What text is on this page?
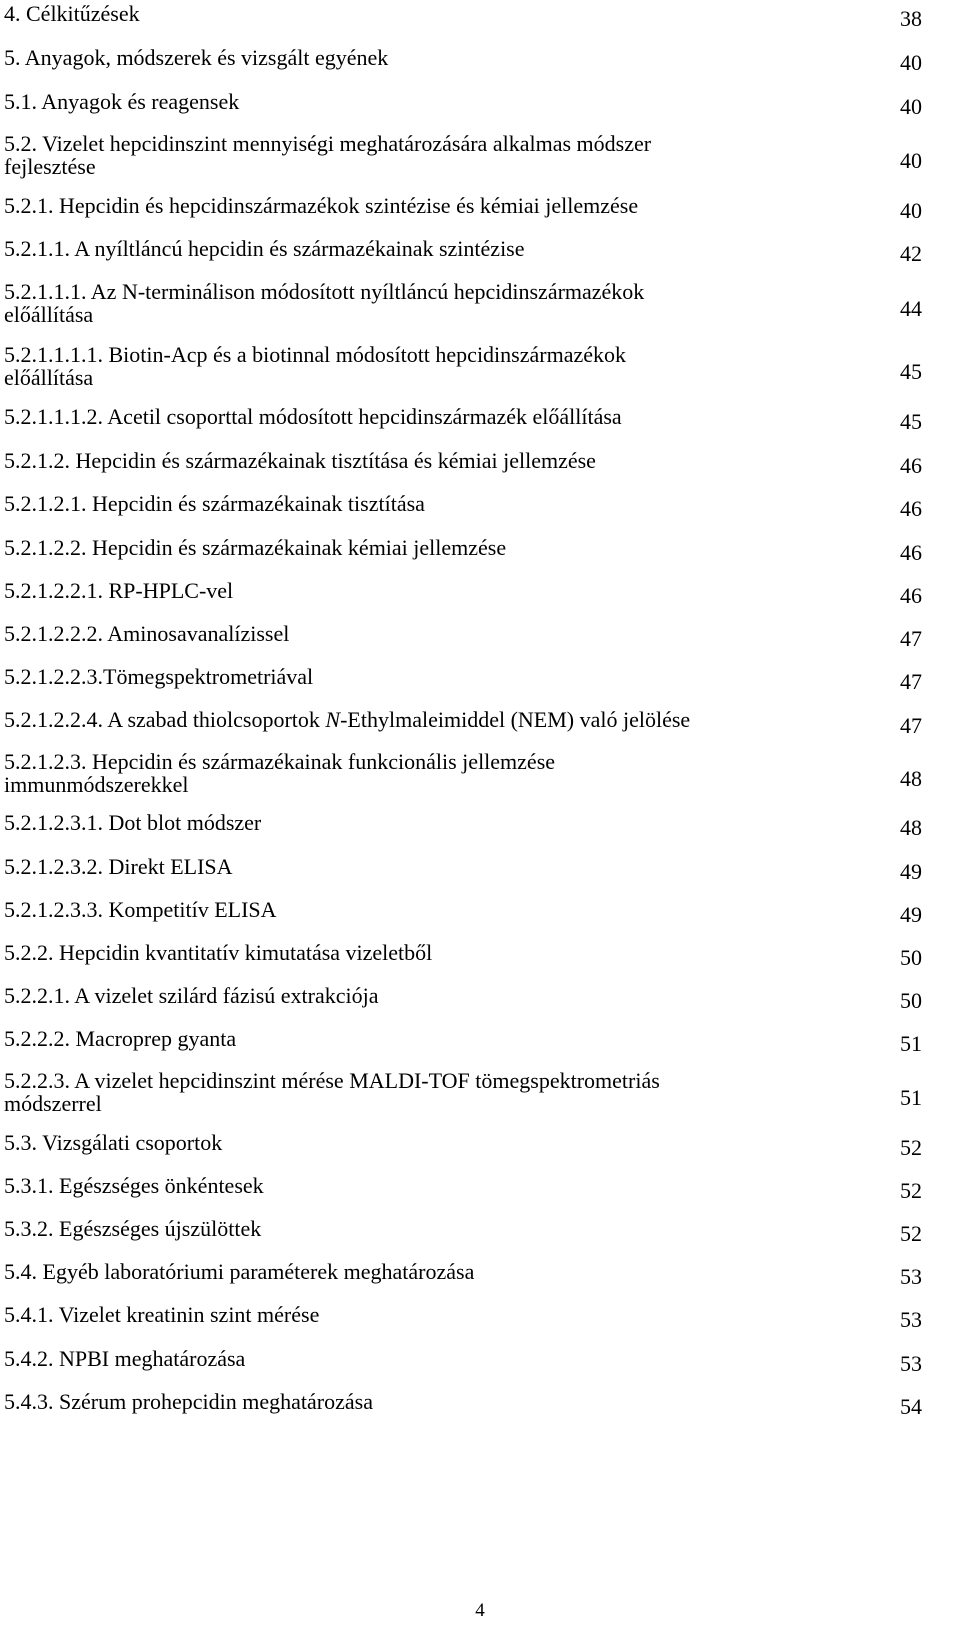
4. Célkitűzések	38
5. Anyagok, módszerek és vizsgált egyének	40
5.1. Anyagok és reagensek	40
5.2. Vizelet hepcidinszint mennyiségi meghatározására alkalmas módszer
fejlesztése	40
5.2.1. Hepcidin és hepcidinszármazékok szintézise és kémiai jellemzése	40
5.2.1.1. A nyíltláncú hepcidin és származékainak szintézise	42
5.2.1.1.1. Az N-terminálison módosított nyíltláncú hepcidinszármazékok
előállítása	44
5.2.1.1.1.1. Biotin-Acp és a biotinnal módosított hepcidinszármazékok
előállítása	45
5.2.1.1.1.2. Acetil csoporttal módosított hepcidinszármazék előállítása	45
5.2.1.2. Hepcidin és származékainak tisztítása és kémiai jellemzése	46
5.2.1.2.1. Hepcidin és származékainak tisztítása	46
5.2.1.2.2. Hepcidin és származékainak kémiai jellemzése	46
5.2.1.2.2.1. RP-HPLC-vel	46
5.2.1.2.2.2. Aminosavanalízissel	47
5.2.1.2.2.3.Tömegspektrometriával	47
5.2.1.2.2.4. A szabad thiolcsoportok N-Ethylmaleimiddel (NEM) való jelölése	47
5.2.1.2.3. Hepcidin és származékainak funkcionális jellemzése
immunmódszerekkel	48
5.2.1.2.3.1. Dot blot módszer	48
5.2.1.2.3.2. Direkt ELISA	49
5.2.1.2.3.3. Kompetitív ELISA	49
5.2.2. Hepcidin kvantitatív kimutatása vizeletből	50
5.2.2.1. A vizelet szilárd fázisú extrakciója	50
5.2.2.2. Macroprep gyanta	51
5.2.2.3. A vizelet hepcidinszint mérése MALDI-TOF tömegspektrometriás
módszerrel	51
5.3. Vizsgálati csoportok	52
5.3.1. Egészséges önkéntesek	52
5.3.2. Egészséges újszülöttek	52
5.4. Egyéb laboratóriumi paraméterek meghatározása	53
5.4.1. Vizelet kreatinin szint mérése	53
5.4.2. NPBI meghatározása	53
5.4.3. Szérum prohepcidin meghatározása	54
4
